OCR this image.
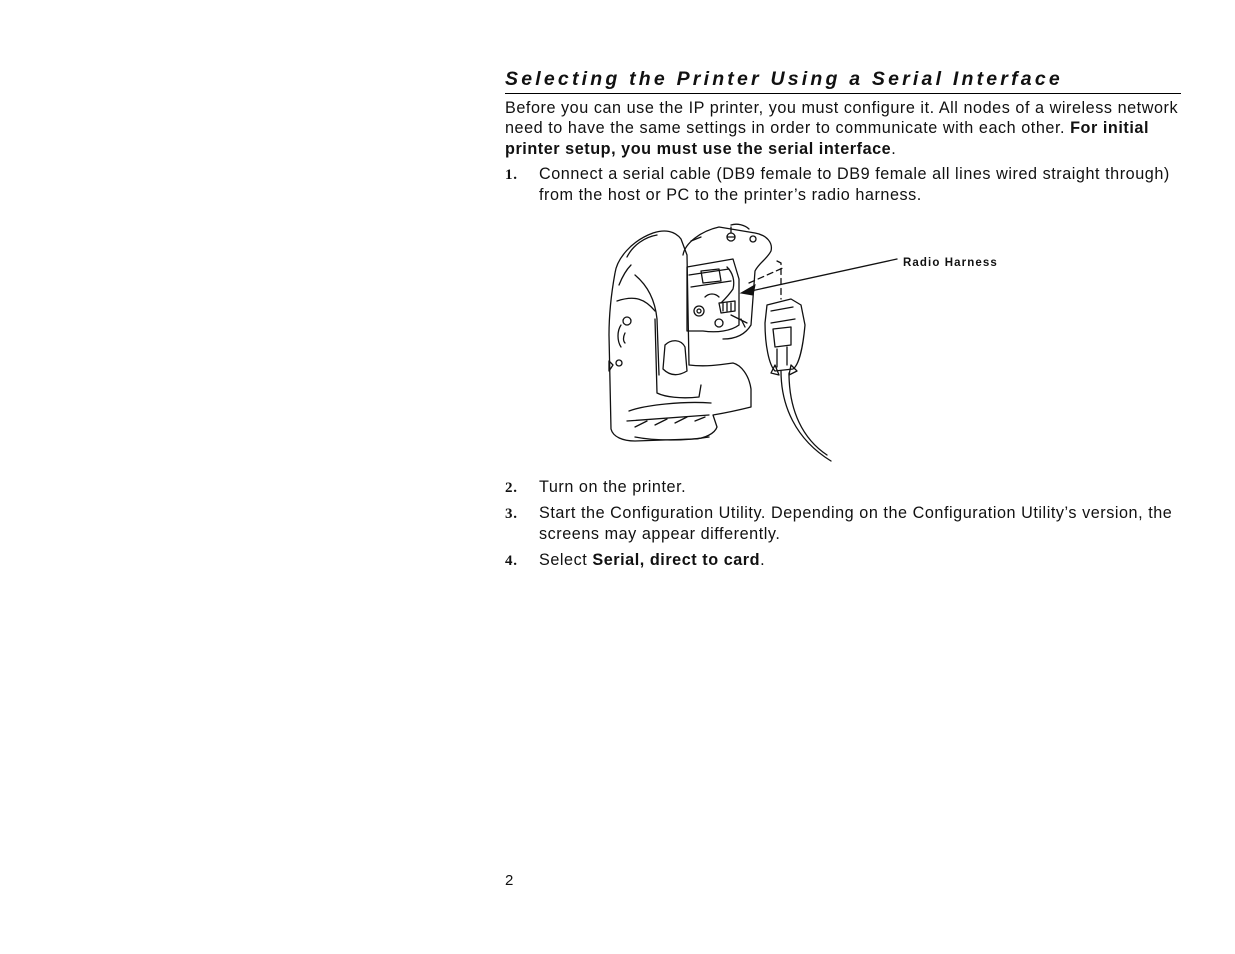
Selecting the Printer Using a Serial Interface

Before you can use the IP printer, you must configure it. All nodes of a wireless network need to have the same settings in order to communicate with each other. For initial printer setup, you must use the serial interface.

1. Connect a serial cable (DB9 female to DB9 female all lines wired straight through) from the host or PC to the printer’s radio harness.
Radio Harness
2. Turn on the printer.
3. Start the Configuration Utility. Depending on the Configuration Utility’s version, the screens may appear differently.
4. Select Serial, direct to card.
2
